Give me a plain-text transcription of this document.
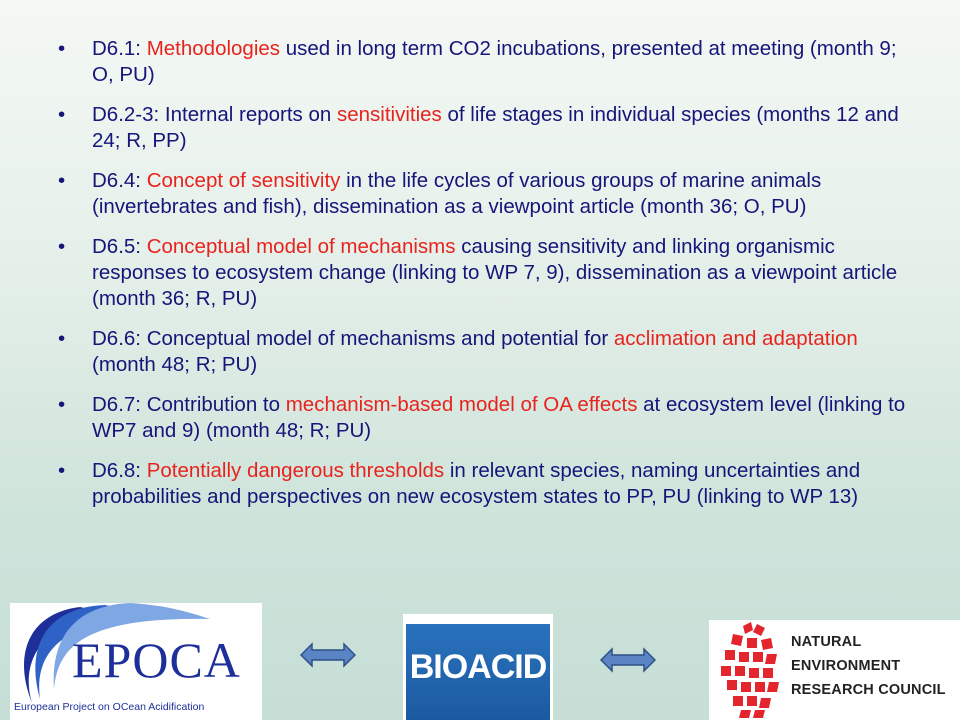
• D6.1: Methodologies used in long term CO2 incubations, presented at meeting (month 9; O, PU)
• D6.2-3: Internal reports on sensitivities of life stages in individual species (months 12 and 24; R, PP)
• D6.4: Concept of sensitivity in the life cycles of various groups of marine animals (invertebrates and fish), dissemination as a viewpoint article (month 36; O, PU)
• D6.5: Conceptual model of mechanisms causing sensitivity and linking organismic responses to ecosystem change (linking to WP 7, 9), dissemination as a viewpoint article (month 36; R, PU)
• D6.6: Conceptual model of mechanisms and potential for acclimation and adaptation (month 48; R; PU)
• D6.7: Contribution to mechanism-based model of OA effects at ecosystem level (linking to WP7 and 9) (month 48; R; PU)
• D6.8: Potentially dangerous thresholds in relevant species, naming uncertainties and probabilities and perspectives on new ecosystem states to PP, PU (linking to WP 13)
EPOCA
European Project on OCean Acidification
BIOACID
NATURAL
ENVIRONMENT
RESEARCH COUNCIL
